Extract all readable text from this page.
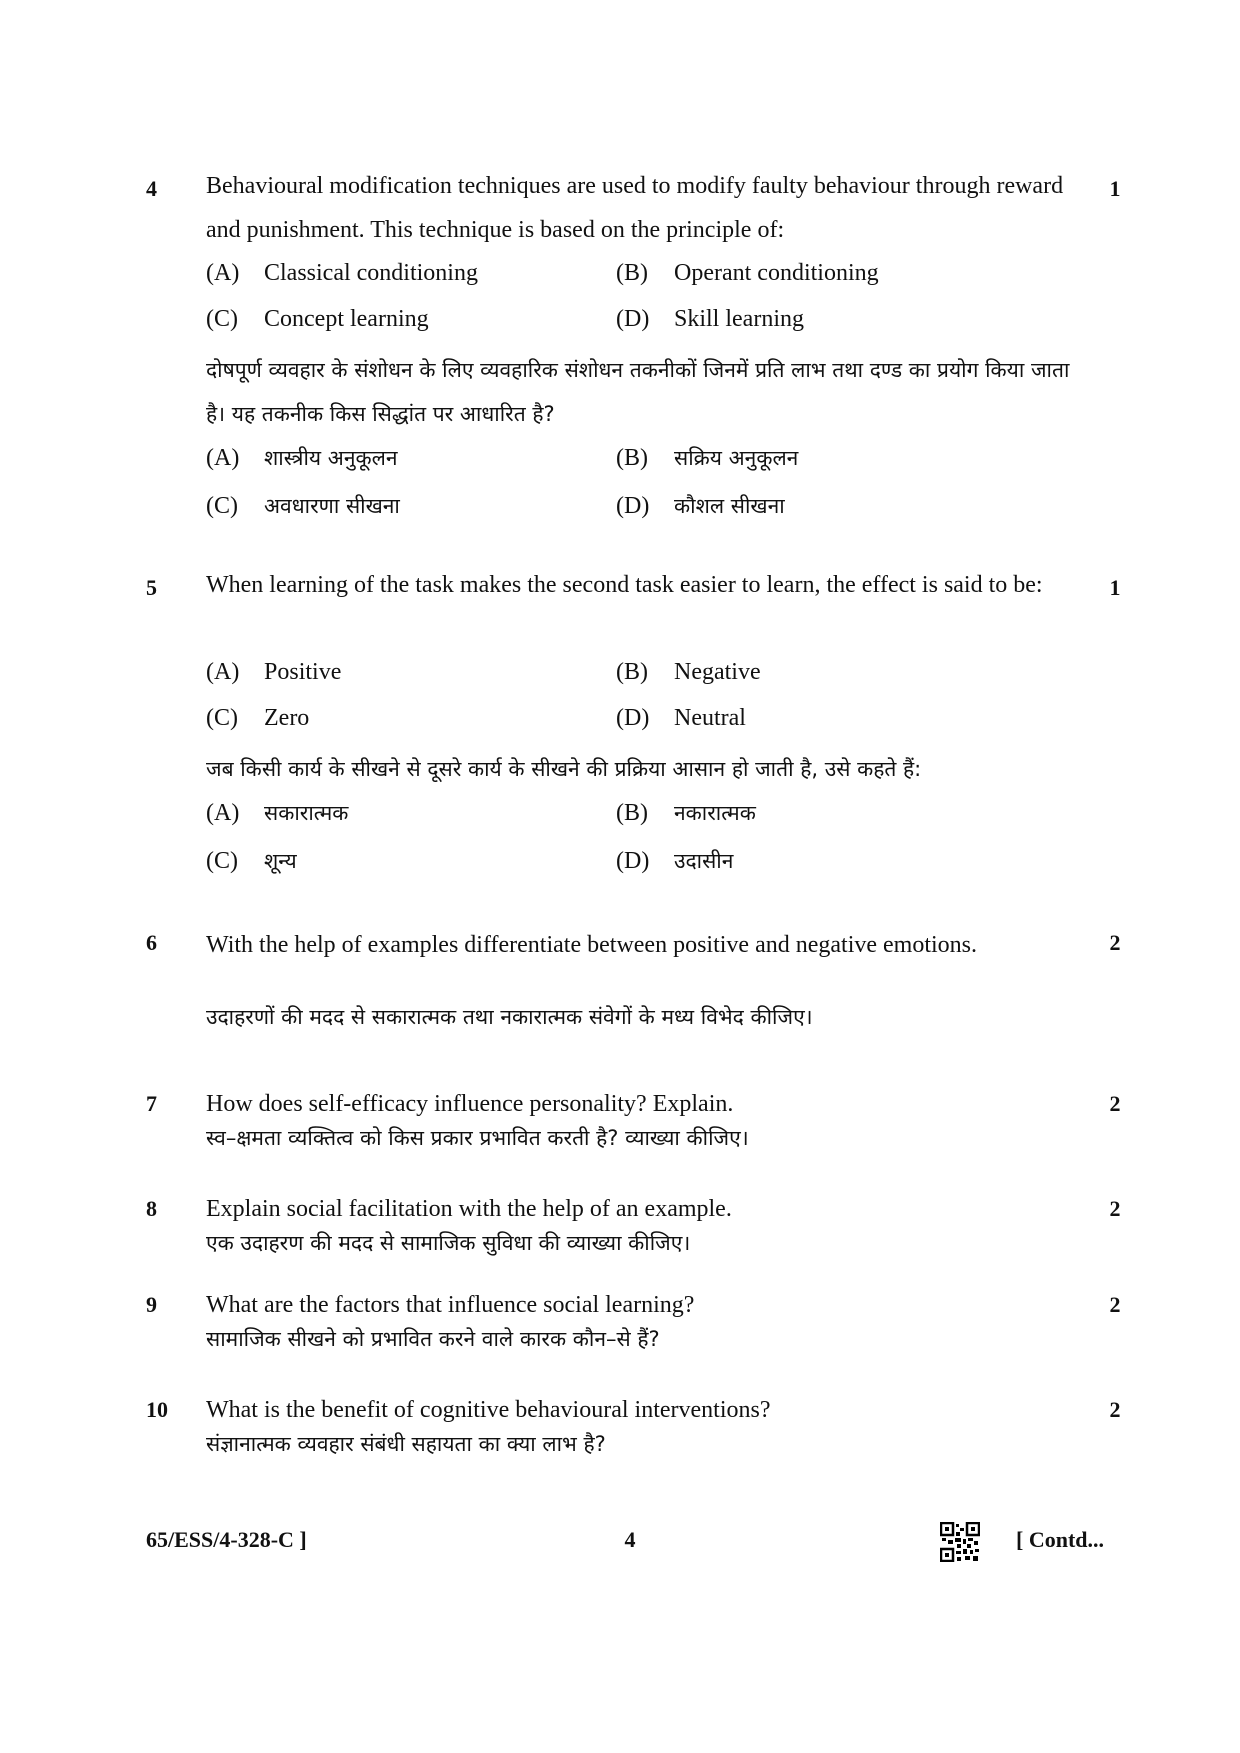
4	1
Behavioural modification techniques are used to modify faulty behaviour through reward and punishment. This technique is based on the principle of:
(A) Classical conditioning	(B) Operant conditioning
(C) Concept learning	(D) Skill learning
दोषपूर्ण व्यवहार के संशोधन के लिए व्यवहारिक संशोधन तकनीकों जिनमें प्रति लाभ तथा दण्ड का प्रयोग किया जाता है। यह तकनीक किस सिद्धांत पर आधारित है?
(A) शास्त्रीय अनुकूलन	(B) सक्रिय अनुकूलन
(C) अवधारणा सीखना	(D) कौशल सीखना
5	1
When learning of the task makes the second task easier to learn, the effect is said to be:
(A) Positive	(B) Negative
(C) Zero	(D) Neutral
जब किसी कार्य के सीखने से दूसरे कार्य के सीखने की प्रक्रिया आसान हो जाती है, उसे कहते हैं:
(A) सकारात्मक	(B) नकारात्मक
(C) शून्य	(D) उदासीन
6	2
With the help of examples differentiate between positive and negative emotions.
उदाहरणों की मदद से सकारात्मक तथा नकारात्मक संवेगों के मध्य विभेद कीजिए।
7	2
How does self-efficacy influence personality? Explain.
स्व–क्षमता व्यक्तित्व को किस प्रकार प्रभावित करती है? व्याख्या कीजिए।
8	2
Explain social facilitation with the help of an example.
एक उदाहरण की मदद से सामाजिक सुविधा की व्याख्या कीजिए।
9	2
What are the factors that influence social learning?
सामाजिक सीखने को प्रभावित करने वाले कारक कौन–से हैं?
10	2
What is the benefit of cognitive behavioural interventions?
संज्ञानात्मक व्यवहार संबंधी सहायता का क्या लाभ है?
65/ESS/4-328-C ]	4	[ Contd...
